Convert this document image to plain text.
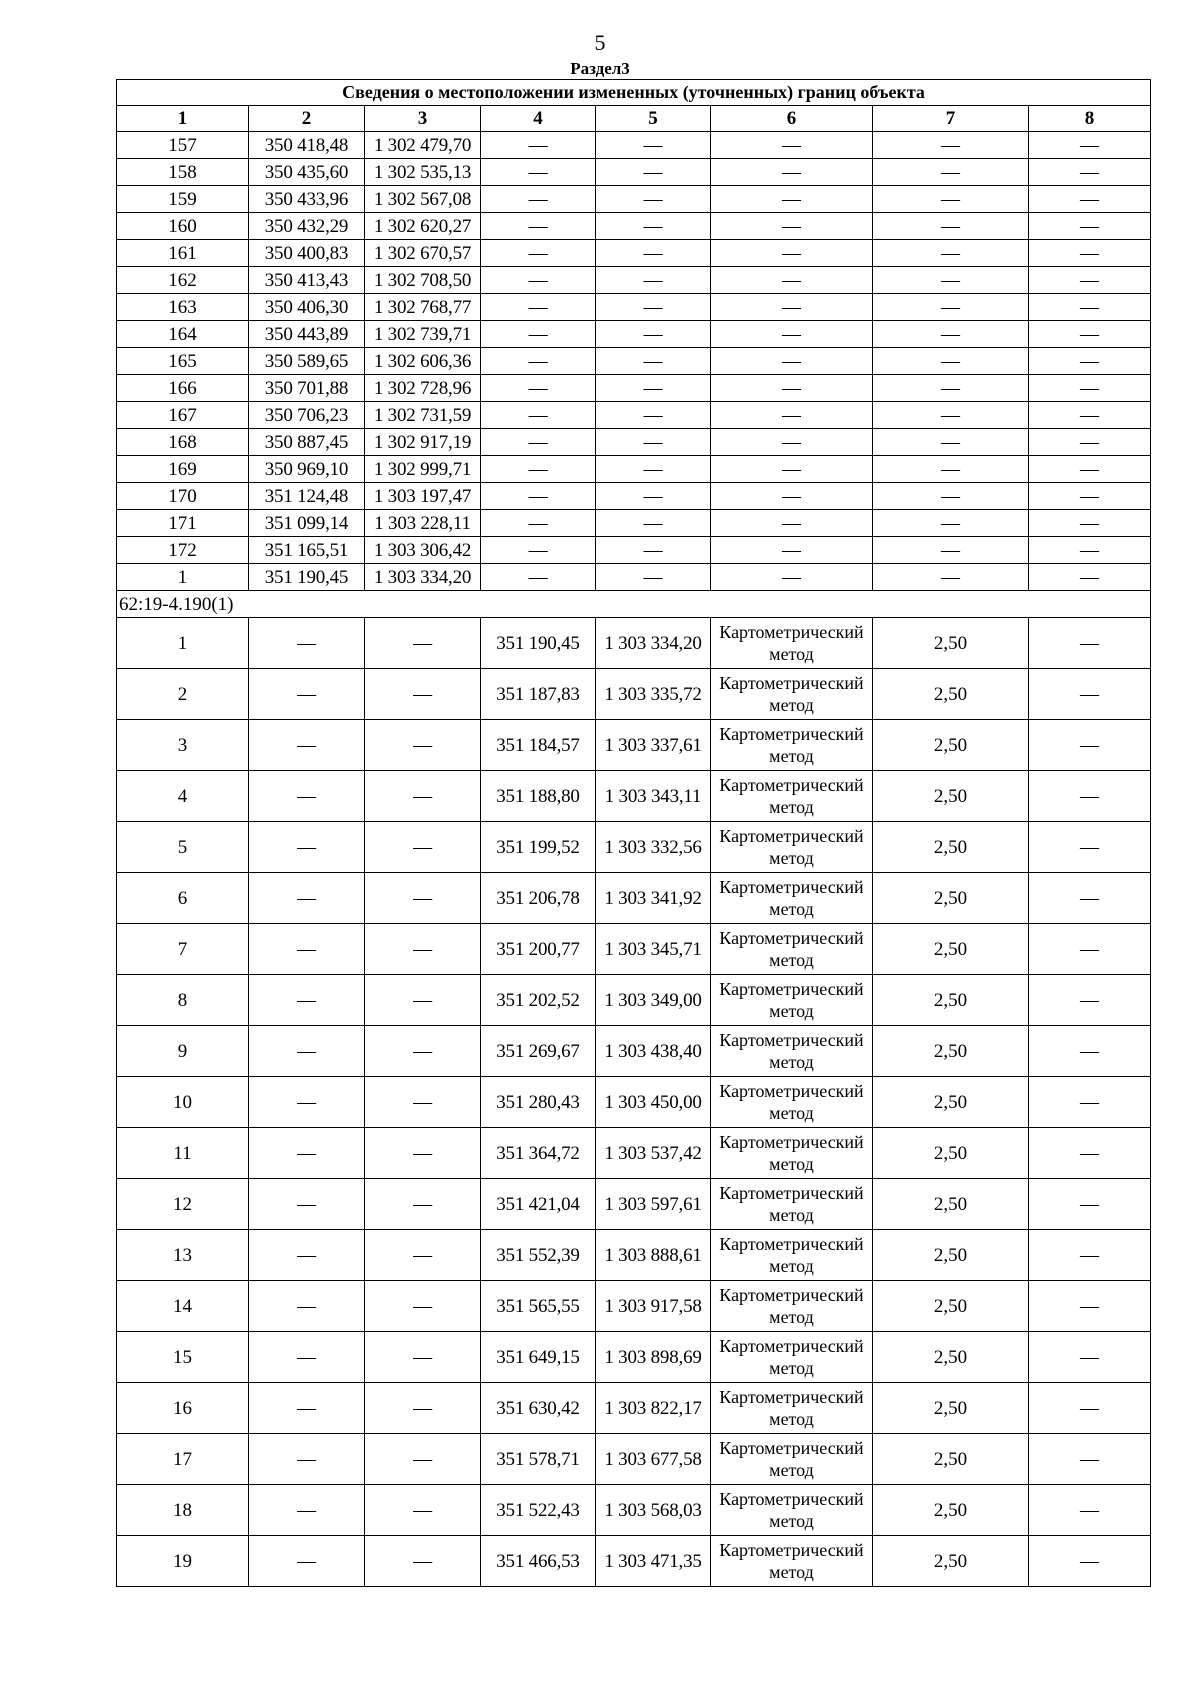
5
Раздел3
Сведения о местоположении измененных (уточненных) границ объекта							
1	2	3	4	5	6	7	8
157	350 418,48	1 302 479,70	—	—	—	—	—
158	350 435,60	1 302 535,13	—	—	—	—	—
159	350 433,96	1 302 567,08	—	—	—	—	—
160	350 432,29	1 302 620,27	—	—	—	—	—
161	350 400,83	1 302 670,57	—	—	—	—	—
162	350 413,43	1 302 708,50	—	—	—	—	—
163	350 406,30	1 302 768,77	—	—	—	—	—
164	350 443,89	1 302 739,71	—	—	—	—	—
165	350 589,65	1 302 606,36	—	—	—	—	—
166	350 701,88	1 302 728,96	—	—	—	—	—
167	350 706,23	1 302 731,59	—	—	—	—	—
168	350 887,45	1 302 917,19	—	—	—	—	—
169	350 969,10	1 302 999,71	—	—	—	—	—
170	351 124,48	1 303 197,47	—	—	—	—	—
171	351 099,14	1 303 228,11	—	—	—	—	—
172	351 165,51	1 303 306,42	—	—	—	—	—
1	351 190,45	1 303 334,20	—	—	—	—	—
62:19-4.190(1)							
1	—	—	351 190,45	1 303 334,20	Картометрический метод	2,50	—
2	—	—	351 187,83	1 303 335,72	Картометрический метод	2,50	—
3	—	—	351 184,57	1 303 337,61	Картометрический метод	2,50	—
4	—	—	351 188,80	1 303 343,11	Картометрический метод	2,50	—
5	—	—	351 199,52	1 303 332,56	Картометрический метод	2,50	—
6	—	—	351 206,78	1 303 341,92	Картометрический метод	2,50	—
7	—	—	351 200,77	1 303 345,71	Картометрический метод	2,50	—
8	—	—	351 202,52	1 303 349,00	Картометрический метод	2,50	—
9	—	—	351 269,67	1 303 438,40	Картометрический метод	2,50	—
10	—	—	351 280,43	1 303 450,00	Картометрический метод	2,50	—
11	—	—	351 364,72	1 303 537,42	Картометрический метод	2,50	—
12	—	—	351 421,04	1 303 597,61	Картометрический метод	2,50	—
13	—	—	351 552,39	1 303 888,61	Картометрический метод	2,50	—
14	—	—	351 565,55	1 303 917,58	Картометрический метод	2,50	—
15	—	—	351 649,15	1 303 898,69	Картометрический метод	2,50	—
16	—	—	351 630,42	1 303 822,17	Картометрический метод	2,50	—
17	—	—	351 578,71	1 303 677,58	Картометрический метод	2,50	—
18	—	—	351 522,43	1 303 568,03	Картометрический метод	2,50	—
19	—	—	351 466,53	1 303 471,35	Картометрический метод	2,50	—
